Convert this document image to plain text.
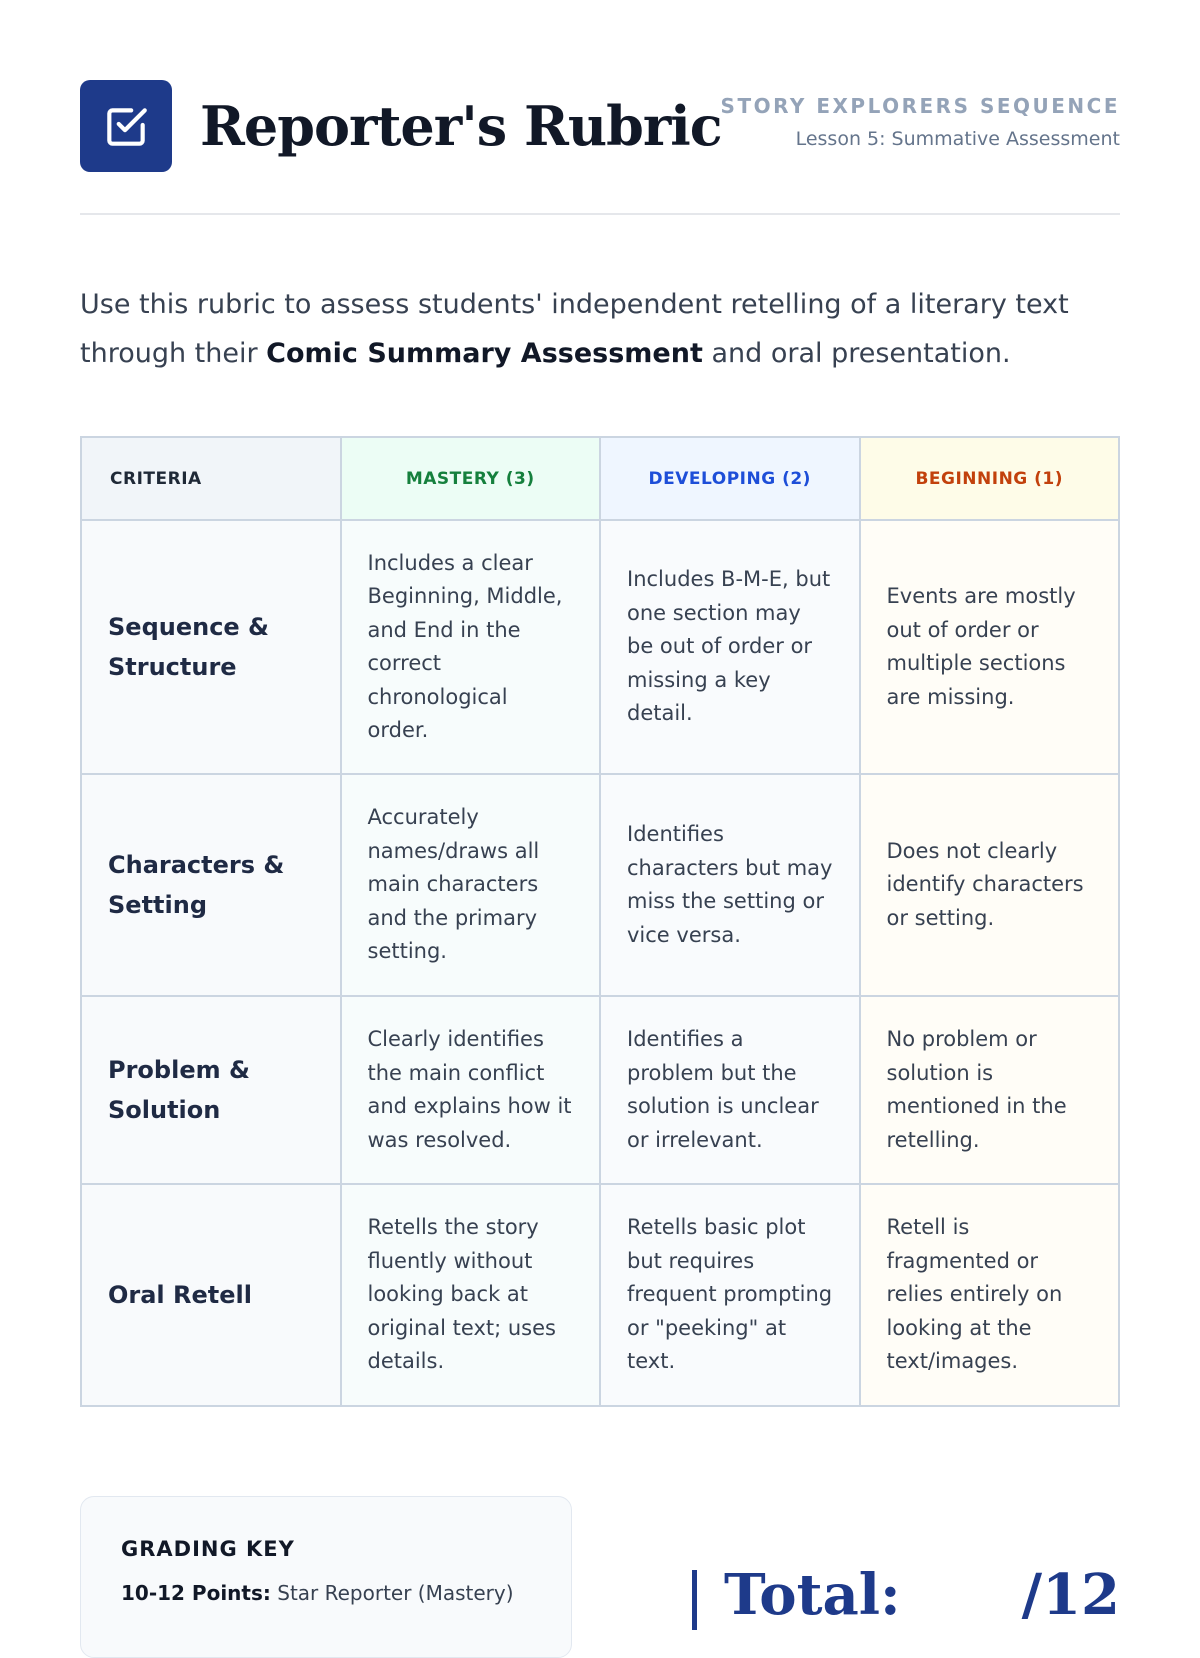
Reporter's Rubric
STORY EXPLORERS SEQUENCE
Lesson 5: Summative Assessment

Use this rubric to assess students' independent retelling of a literary text through their Comic Summary Assessment and oral presentation.

CRITERIA	MASTERY (3)	DEVELOPING (2)	BEGINNING (1)
Sequence & Structure	Includes a clear Beginning, Middle, and End in the correct chronological order.	Includes B-M-E, but one section may be out of order or missing a key detail.	Events are mostly out of order or multiple sections are missing.
Characters & Setting	Accurately names/draws all main characters and the primary setting.	Identifies characters but may miss the setting or vice versa.	Does not clearly identify characters or setting.
Problem & Solution	Clearly identifies the main conflict and explains how it was resolved.	Identifies a problem but the solution is unclear or irrelevant.	No problem or solution is mentioned in the retelling.
Oral Retell	Retells the story fluently without looking back at original text; uses details.	Retells basic plot but requires frequent prompting or "peeking" at text.	Retell is fragmented or relies entirely on looking at the text/images.
GRADING KEY
10-12 Points: Star Reporter (Mastery)	Total: /12
